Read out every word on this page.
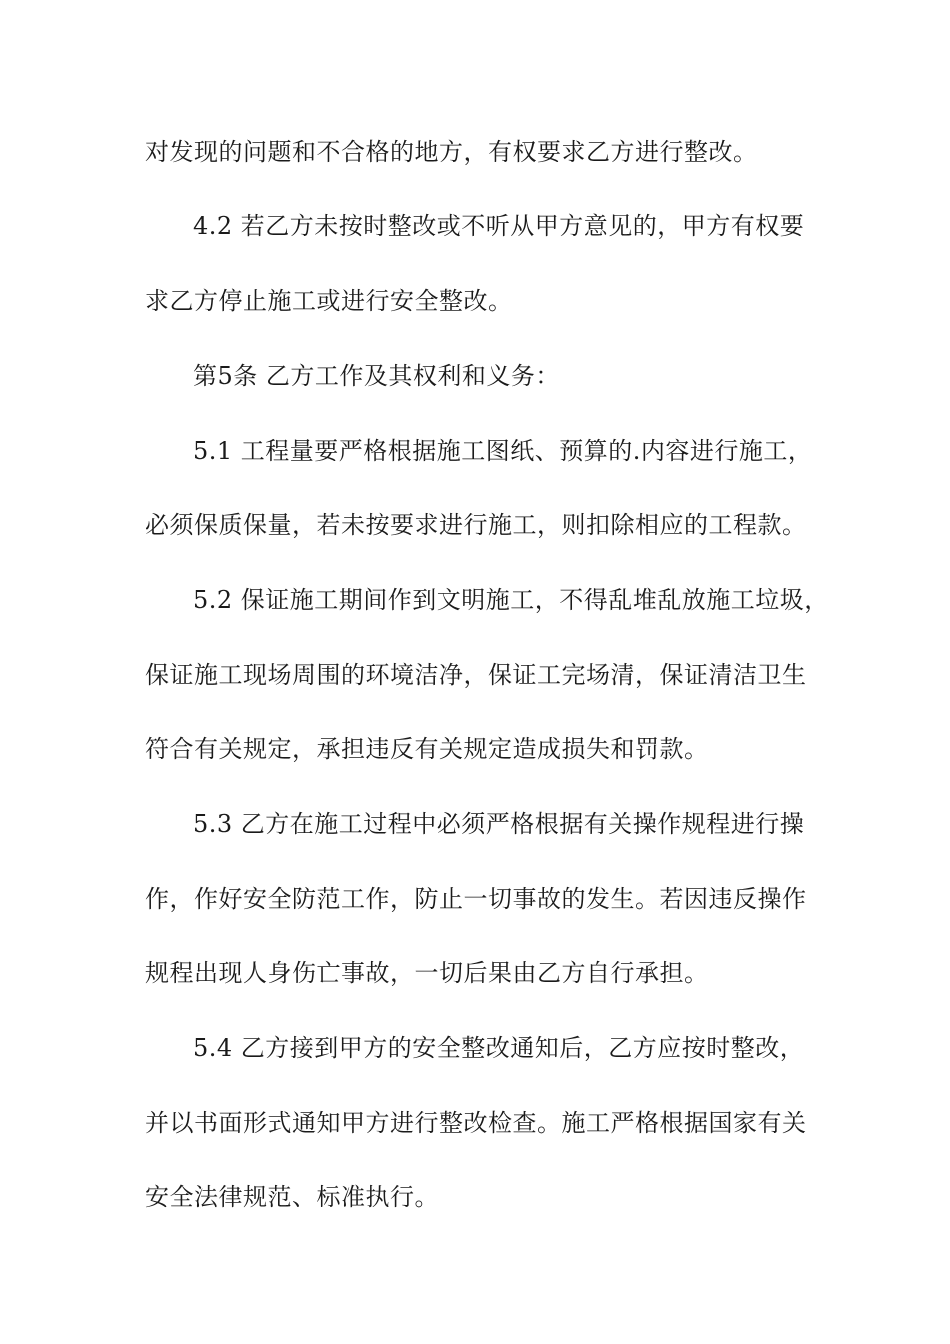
对发现的问题和不合格的地方，有权要求乙方进行整改。
4.2 若乙方未按时整改或不听从甲方意见的，甲方有权要
求乙方停止施工或进行安全整改。
第5条 乙方工作及其权利和义务：
5.1 工程量要严格根据施工图纸、预算的.内容进行施工，
必须保质保量，若未按要求进行施工，则扣除相应的工程款。
5.2 保证施工期间作到文明施工，不得乱堆乱放施工垃圾，
保证施工现场周围的环境洁净，保证工完场清，保证清洁卫生
符合有关规定，承担违反有关规定造成损失和罚款。
5.3 乙方在施工过程中必须严格根据有关操作规程进行操
作，作好安全防范工作，防止一切事故的发生。若因违反操作
规程出现人身伤亡事故，一切后果由乙方自行承担。
5.4 乙方接到甲方的安全整改通知后，乙方应按时整改，
并以书面形式通知甲方进行整改检查。施工严格根据国家有关
安全法律规范、标准执行。
